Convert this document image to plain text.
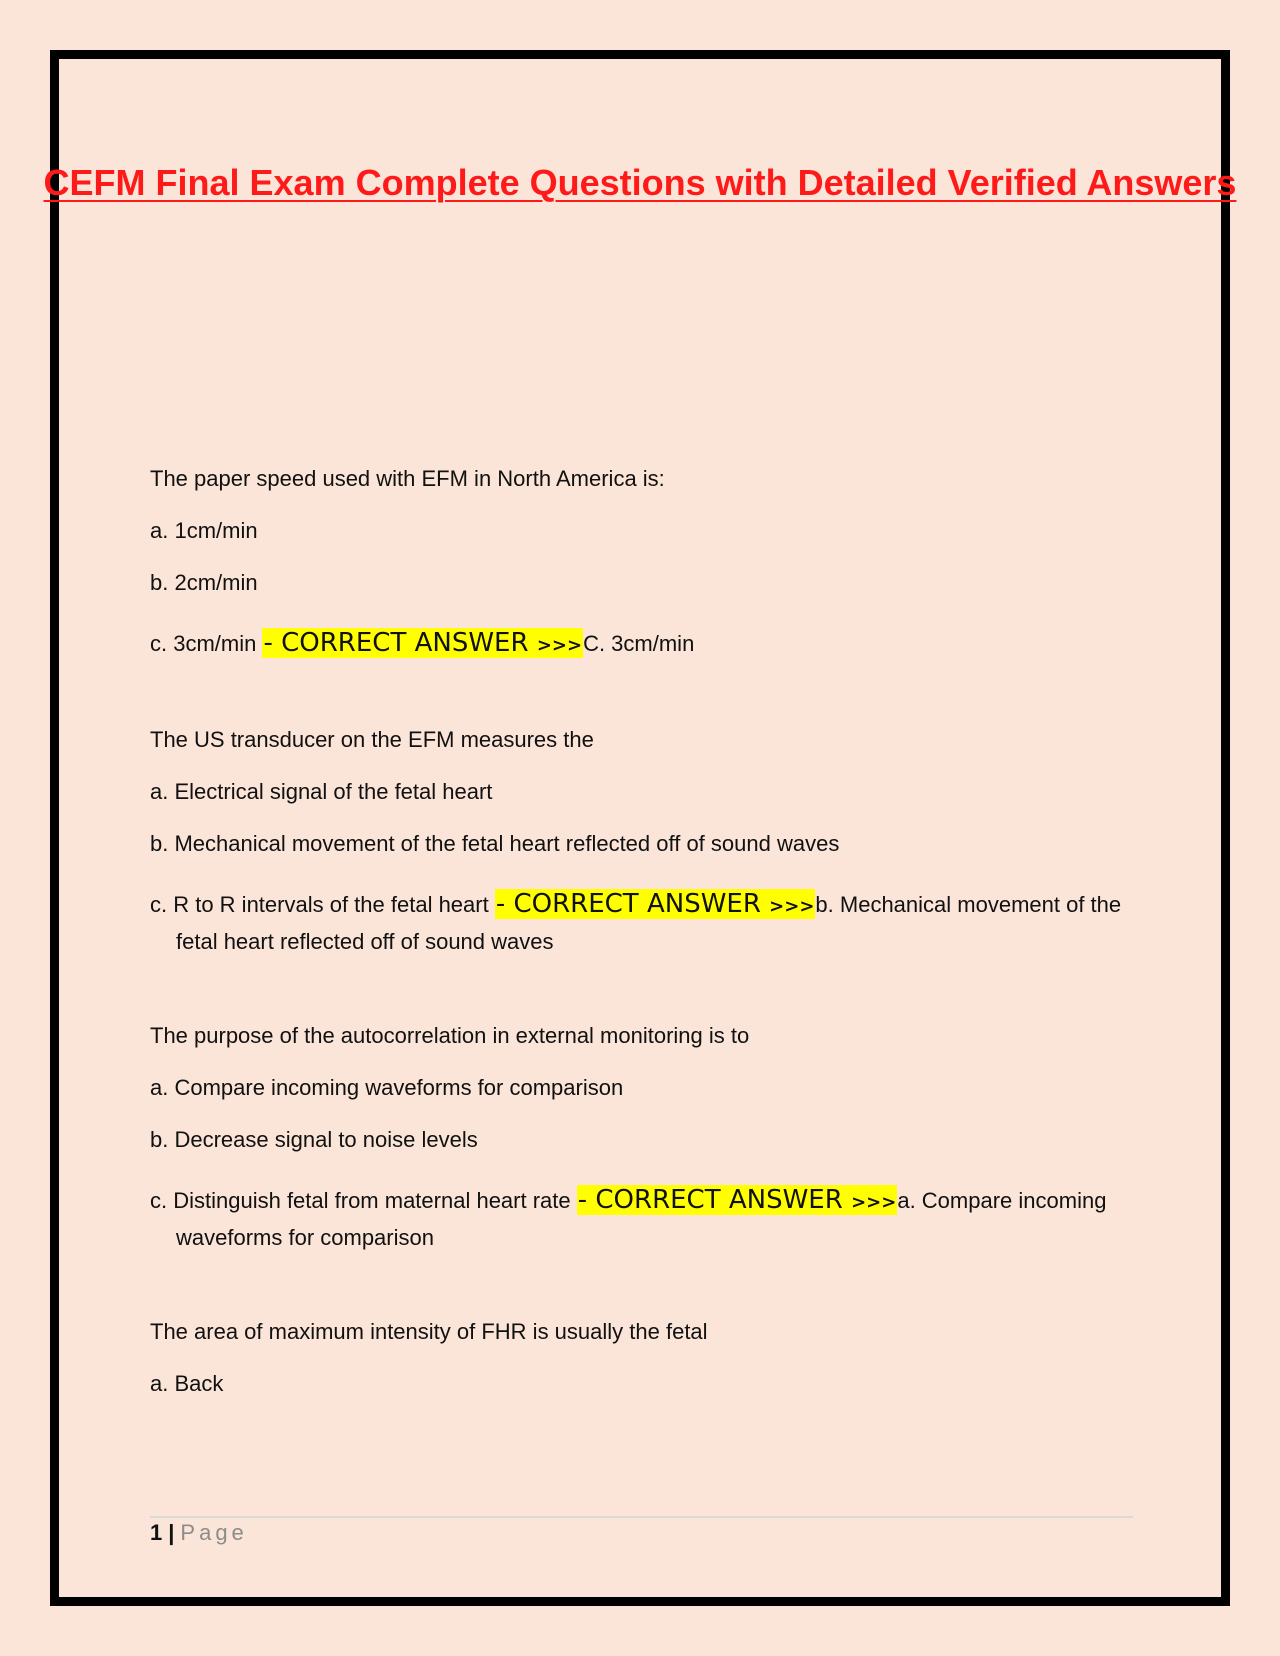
CEFM Final Exam Complete Questions with Detailed Verified Answers
The paper speed used with EFM in North America is:
a. 1cm/min
b. 2cm/min
c. 3cm/min - CORRECT ANSWER >>>C. 3cm/min
The US transducer on the EFM measures the
a. Electrical signal of the fetal heart
b. Mechanical movement of the fetal heart reflected off of sound waves
c. R to R intervals of the fetal heart - CORRECT ANSWER >>>b. Mechanical movement of the fetal heart reflected off of sound waves
The purpose of the autocorrelation in external monitoring is to
a. Compare incoming waveforms for comparison
b. Decrease signal to noise levels
c. Distinguish fetal from maternal heart rate - CORRECT ANSWER >>>a. Compare incoming waveforms for comparison
The area of maximum intensity of FHR is usually the fetal
a. Back
1 | Page
